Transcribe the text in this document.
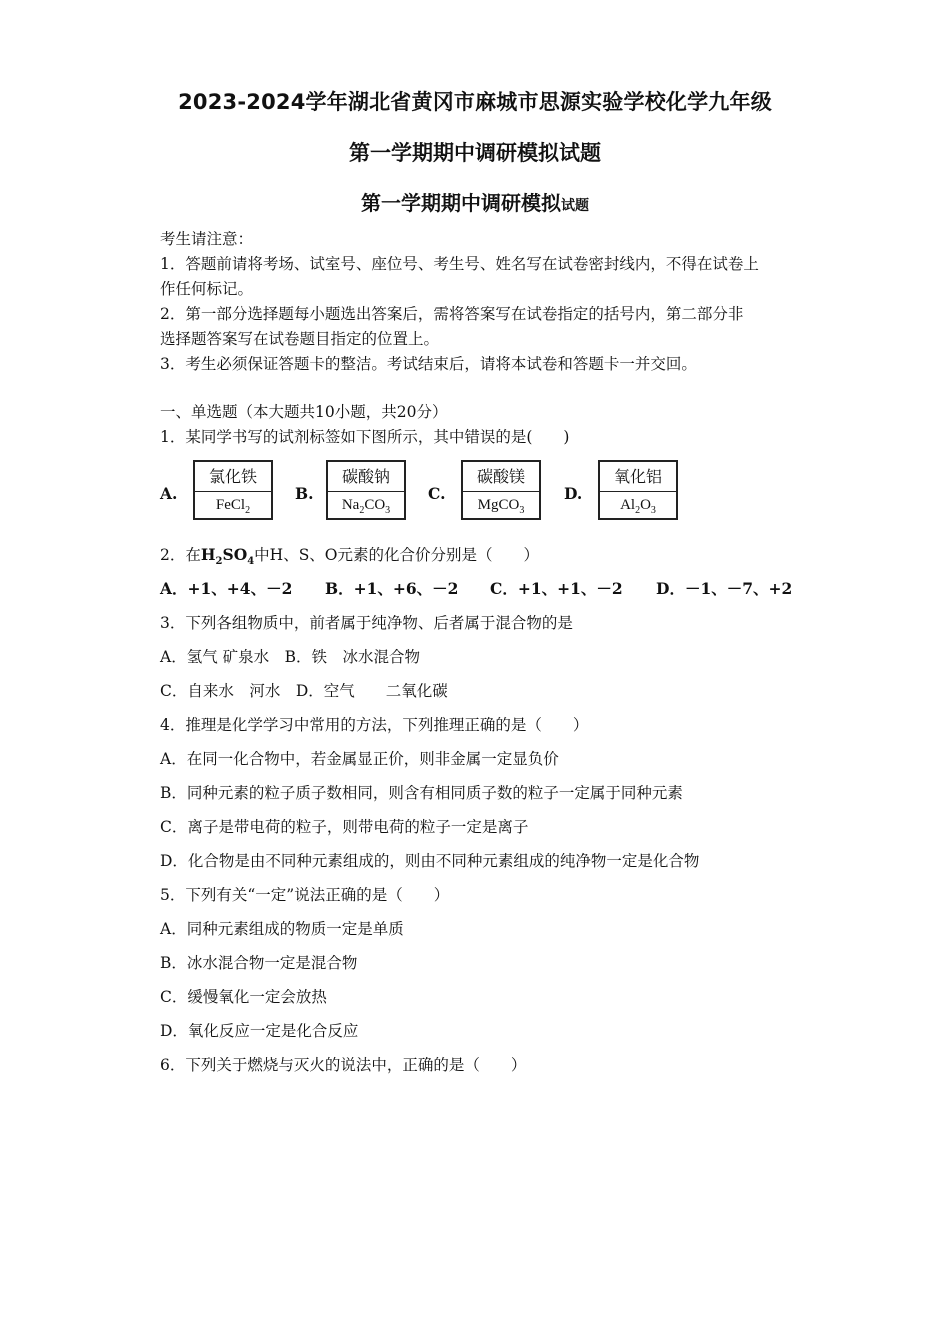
2023-2024学年湖北省黄冈市麻城市思源实验学校化学九年级
第一学期期中调研模拟试题
第一学期期中调研模拟试题
考生请注意：
1．答题前请将考场、试室号、座位号、考生号、姓名写在试卷密封线内，不得在试卷上
作任何标记。
2．第一部分选择题每小题选出答案后，需将答案写在试卷指定的括号内，第二部分非
选择题答案写在试卷题目指定的位置上。
3．考生必须保证答题卡的整洁。考试结束后，请将本试卷和答题卡一并交回。
一、单选题（本大题共10小题，共20分）
1．某同学书写的试剂标签如下图所示，其中错误的是(　　)
A.
氯化铁
FeCl$_2$
B.
碳酸钠
$Na_2CO_3$
C.
碳酸镁
MgCO$_3$
D.
氧化铝
$Al_2O_3$
2．在$H_2SO_4$中H、S、O元素的化合价分别是（　　）
A．+1、+4、－2 B．+1、+6、－2 C．+1、+1、－2 D．－1、－7、+2
3．下列各组物质中，前者属于纯净物、后者属于混合物的是
A．氢气 矿泉水　B．铁　冰水混合物
C．自来水　河水　D．空气　　二氧化碳
4．推理是化学学习中常用的方法，下列推理正确的是（　　）
A．在同一化合物中，若金属显正价，则非金属一定显负价
B．同种元素的粒子质子数相同，则含有相同质子数的粒子一定属于同种元素
C．离子是带电荷的粒子，则带电荷的粒子一定是离子
D．化合物是由不同种元素组成的，则由不同种元素组成的纯净物一定是化合物
5．下列有关“一定”说法正确的是（　　）
A．同种元素组成的物质一定是单质
B．冰水混合物一定是混合物
C．缓慢氧化一定会放热
D．氧化反应一定是化合反应
6．下列关于燃烧与灭火的说法中，正确的是（　　）
